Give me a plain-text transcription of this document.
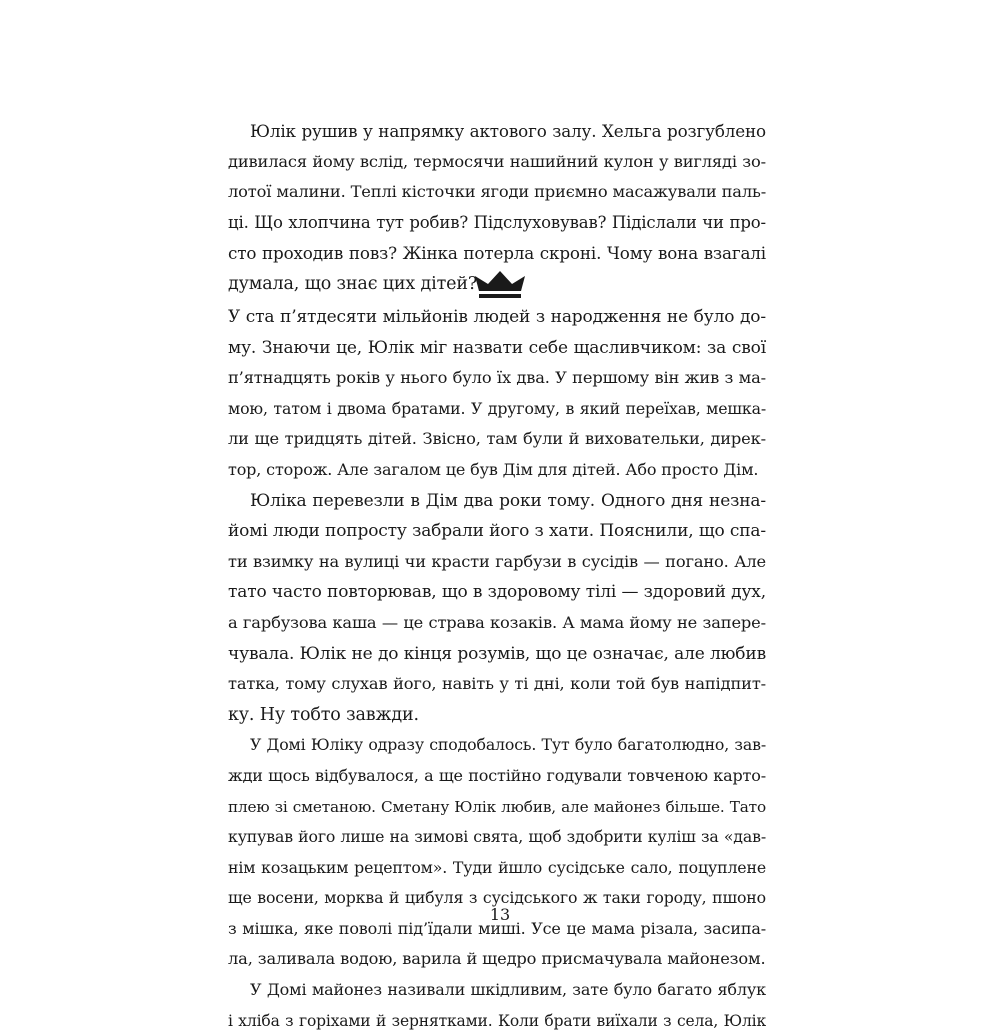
Юлік рушив у напрямку актового залу. Хельга розгублено
дивилася йому вслід, термосячи нашийний кулон у вигляді зо-
лотої малини. Теплі кісточки ягоди приємно масажували паль-
ці. Що хлопчина тут робив? Підслуховував? Підіслали чи про-
сто проходив повз? Жінка потерла скроні. Чому вона взагалі
думала, що знає цих дітей?
У ста п’ятдесяти мільйонів людей з народження не було до-
му. Знаючи це, Юлік міг назвати себе щасливчиком: за свої
п’ятнадцять років у нього було їх два. У першому він жив з ма-
мою, татом і двома братами. У другому, в який переїхав, мешка-
ли ще тридцять дітей. Звісно, там були й виховательки, дирек-
тор, сторож. Але загалом це був Дім для дітей. Або просто Дім.
Юліка перевезли в Дім два роки тому. Одного дня незна-
йомі люди попросту забрали його з хати. Пояснили, що спа-
ти взимку на вулиці чи красти гарбузи в сусідів — погано. Але
тато часто повторював, що в здоровому тілі — здоровий дух,
а гарбузова каша — це страва козаків. А мама йому не запере-
чувала. Юлік не до кінця розумів, що це означає, але любив
татка, тому слухав його, навіть у ті дні, коли той був напідпит-
ку. Ну тобто завжди.
У Домі Юліку одразу сподобалось. Тут було багатолюдно, зав-
жди щось відбувалося, а ще постійно годували товченою карто-
плею зі сметаною. Сметану Юлік любив, але майонез більше. Тато
купував його лише на зимові свята, щоб здобрити куліш за «дав-
нім козацьким рецептом». Туди йшло сусідське сало, поцуплене
ще восени, морква й цибуля з сусідського ж таки городу, пшоно
з мішка, яке поволі під’їдали миші. Усе це мама різала, засипа-
ла, заливала водою, варила й щедро присмачувала майонезом.
У Домі майонез називали шкідливим, зате було багато яблук
і хліба з горіхами й зернятками. Коли брати виїхали з села, Юлік
13
